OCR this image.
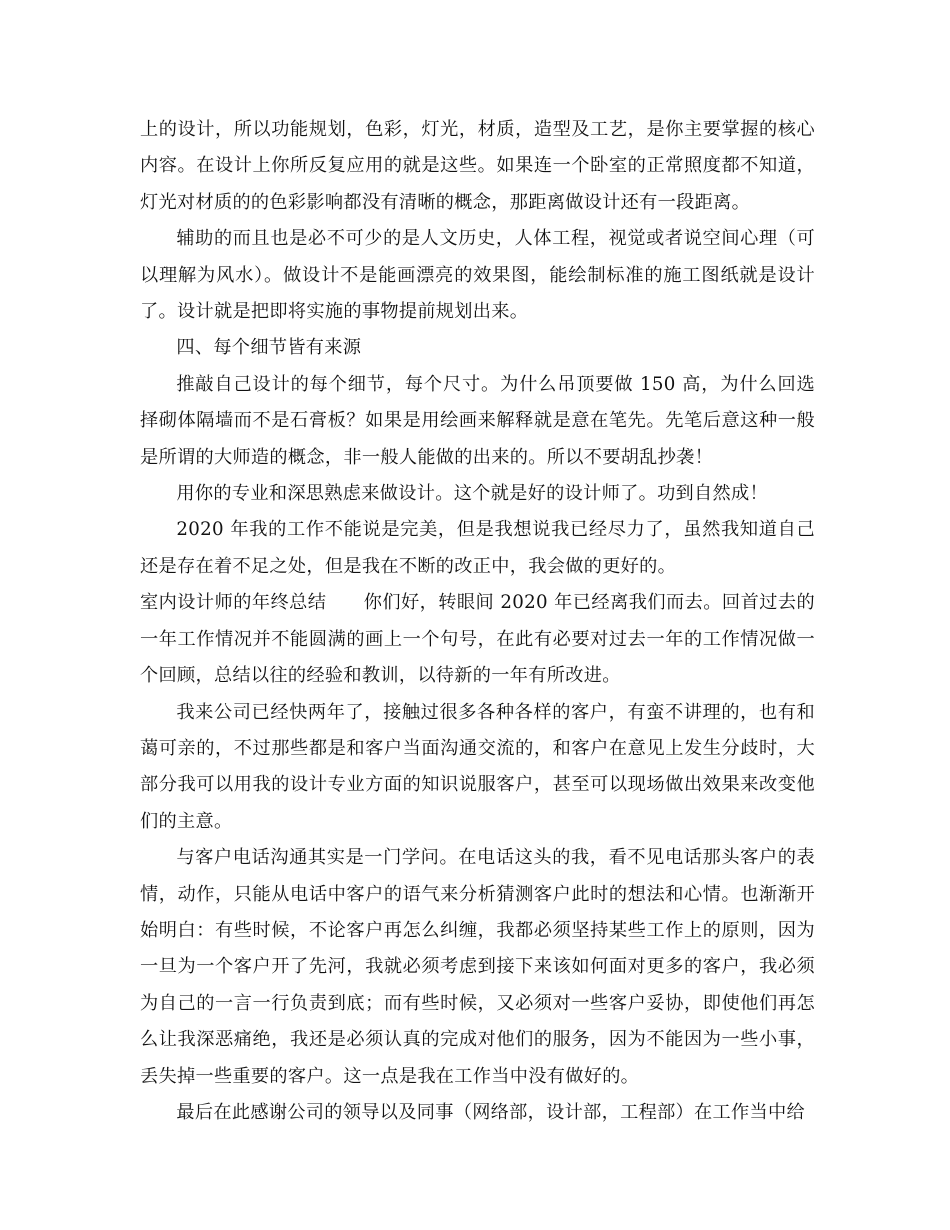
上的设计，所以功能规划，色彩，灯光，材质，造型及工艺，是你主要掌握的核心内容。在设计上你所反复应用的就是这些。如果连一个卧室的正常照度都不知道，灯光对材质的的色彩影响都没有清晰的概念，那距离做设计还有一段距离。

辅助的而且也是必不可少的是人文历史，人体工程，视觉或者说空间心理（可以理解为风水）。做设计不是能画漂亮的效果图，能绘制标准的施工图纸就是设计了。设计就是把即将实施的事物提前规划出来。

四、每个细节皆有来源

推敲自己设计的每个细节，每个尺寸。为什么吊顶要做 150 高，为什么回选择砌体隔墙而不是石膏板？如果是用绘画来解释就是意在笔先。先笔后意这种一般是所谓的大师造的概念，非一般人能做的出来的。所以不要胡乱抄袭！

用你的专业和深思熟虑来做设计。这个就是好的设计师了。功到自然成！

2020 年我的工作不能说是完美，但是我想说我已经尽力了，虽然我知道自己还是存在着不足之处，但是我在不断的改正中，我会做的更好的。

室内设计师的年终总结　　你们好，转眼间 2020 年已经离我们而去。回首过去的一年工作情况并不能圆满的画上一个句号，在此有必要对过去一年的工作情况做一个回顾，总结以往的经验和教训，以待新的一年有所改进。

我来公司已经快两年了，接触过很多各种各样的客户，有蛮不讲理的，也有和蔼可亲的，不过那些都是和客户当面沟通交流的，和客户在意见上发生分歧时，大部分我可以用我的设计专业方面的知识说服客户，甚至可以现场做出效果来改变他们的主意。

与客户电话沟通其实是一门学问。在电话这头的我，看不见电话那头客户的表情，动作，只能从电话中客户的语气来分析猜测客户此时的想法和心情。也渐渐开始明白：有些时候，不论客户再怎么纠缠，我都必须坚持某些工作上的原则，因为一旦为一个客户开了先河，我就必须考虑到接下来该如何面对更多的客户，我必须为自己的一言一行负责到底；而有些时候，又必须对一些客户妥协，即使他们再怎么让我深恶痛绝，我还是必须认真的完成对他们的服务，因为不能因为一些小事，丢失掉一些重要的客户。这一点是我在工作当中没有做好的。

最后在此感谢公司的领导以及同事（网络部，设计部，工程部）在工作当中给
